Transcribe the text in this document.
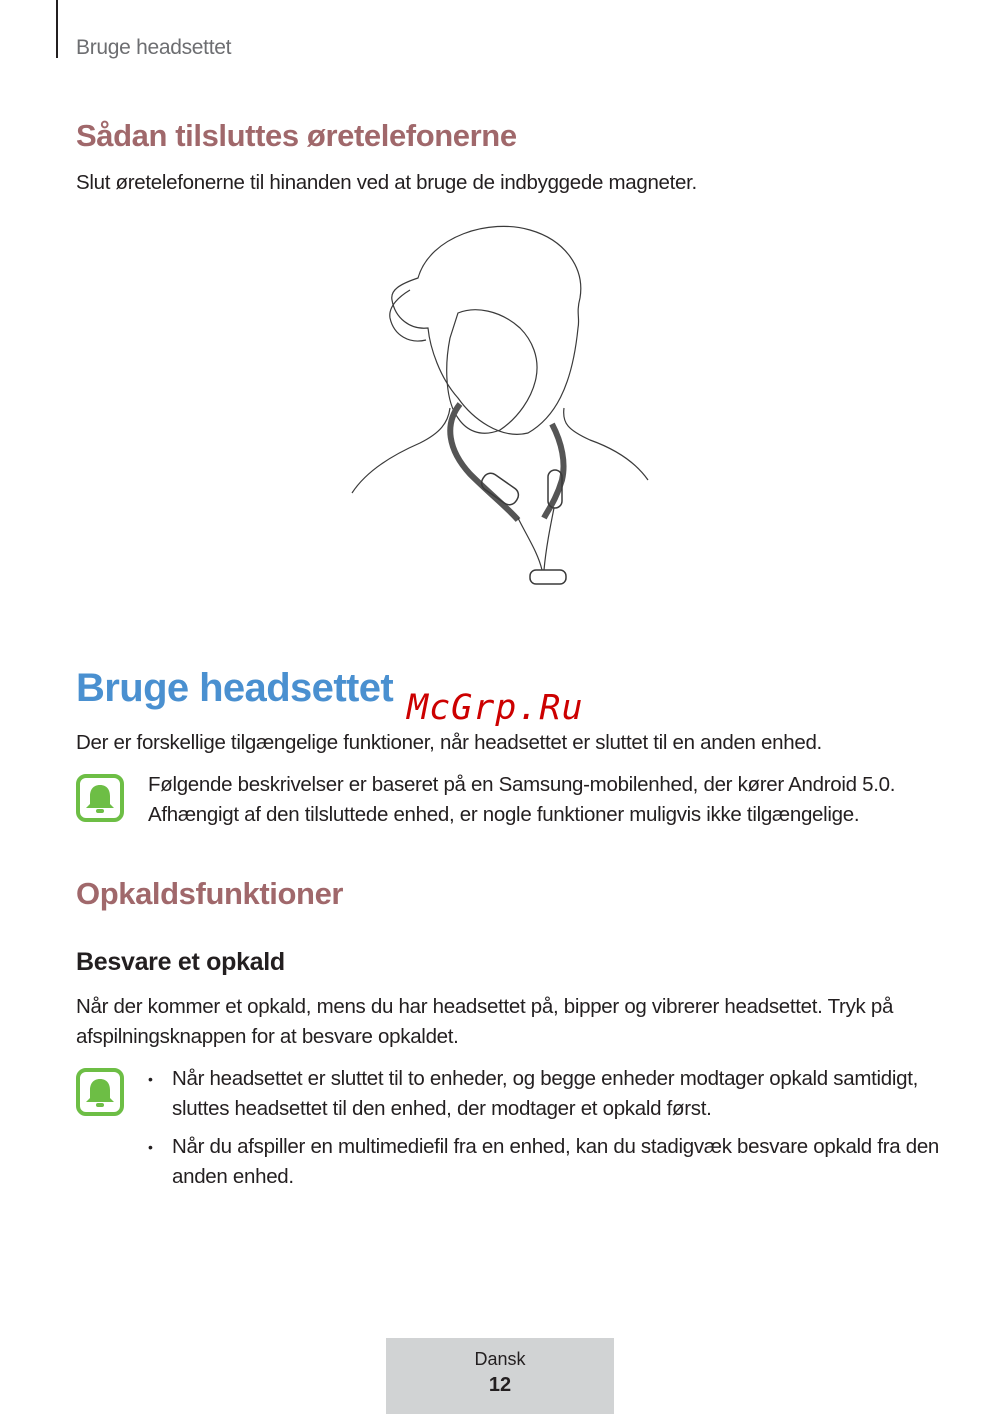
Bruge headsettet
Sådan tilsluttes øretelefonerne
Slut øretelefonerne til hinanden ved at bruge de indbyggede magneter.
Bruge headsettet McGrp.Ru
Der er forskellige tilgængelige funktioner, når headsettet er sluttet til en anden enhed.
Følgende beskrivelser er baseret på en Samsung-mobilenhed, der kører Android 5.0.
Afhængigt af den tilsluttede enhed, er nogle funktioner muligvis ikke tilgængelige.
Opkaldsfunktioner
Besvare et opkald
Når der kommer et opkald, mens du har headsettet på, bipper og vibrerer headsettet. Tryk på afspilningsknappen for at besvare opkaldet.
• Når headsettet er sluttet til to enheder, og begge enheder modtager opkald samtidigt, sluttes headsettet til den enhed, der modtager et opkald først.
• Når du afspiller en multimediefil fra en enhed, kan du stadigvæk besvare opkald fra den anden enhed.
Dansk
12
